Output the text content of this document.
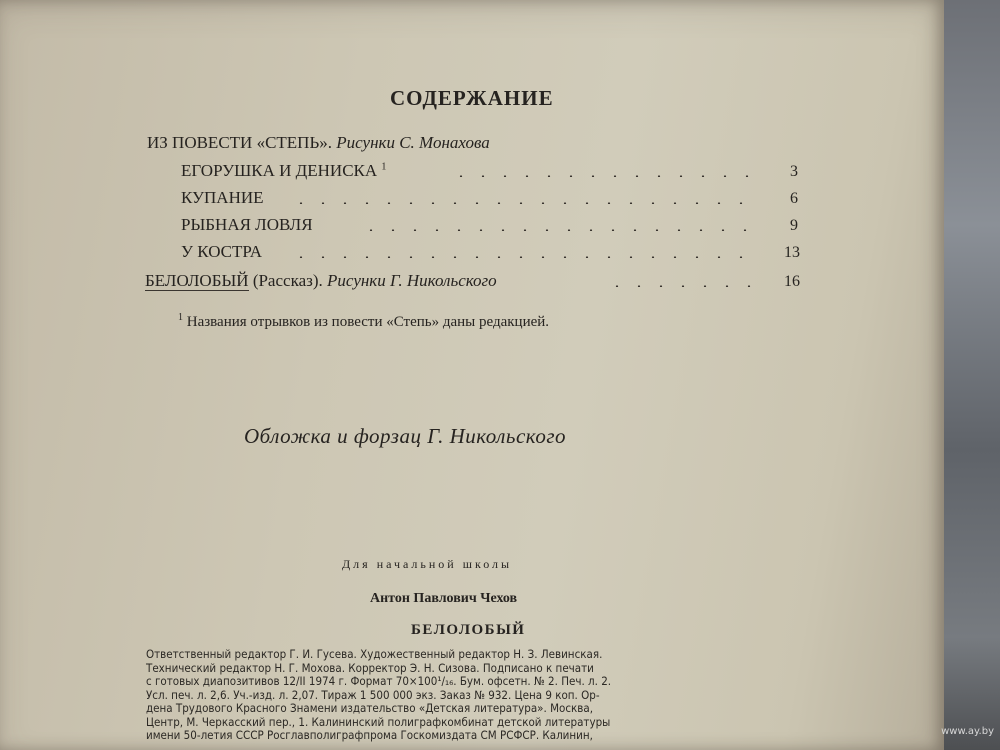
СОДЕРЖАНИЕ
ИЗ ПОВЕСТИ «СТЕПЬ». Рисунки С. Монахова
ЕГОРУШКА И ДЕНИСКА $^1$	3
КУПАНИЕ	6
РЫБНАЯ ЛОВЛЯ	9
У КОСТРА	13
БЕЛОЛОБЫЙ (Рассказ). Рисунки Г. Никольского	16
$^1$ Названия отрывков из повести «Степь» даны редакцией.
Обложка и форзац Г. Никольского
Для начальной школы
Антон Павлович Чехов
БЕЛОЛОБЫЙ
Ответственный редактор Г. И. Гусева. Художественный редактор Н. З. Левинская.
Технический редактор Н. Г. Мохова. Корректор Э. Н. Сизова. Подписано к печати
с готовых диапозитивов 12/II 1974 г. Формат 70×100¹/₁₆. Бум. офсетн. № 2. Печ. л. 2.
Усл. печ. л. 2,6. Уч.-изд. л. 2,07. Тираж 1 500 000 экз. Заказ № 932. Цена 9 коп. Ор-
дена Трудового Красного Знамени издательство «Детская литература». Москва,
Центр, М. Черкасский пер., 1. Калининский полиграфкомбинат детской литературы
имени 50-летия СССР Росглавполиграфпрома Госкомиздата СМ РСФСР. Калинин,	www.ay.by
